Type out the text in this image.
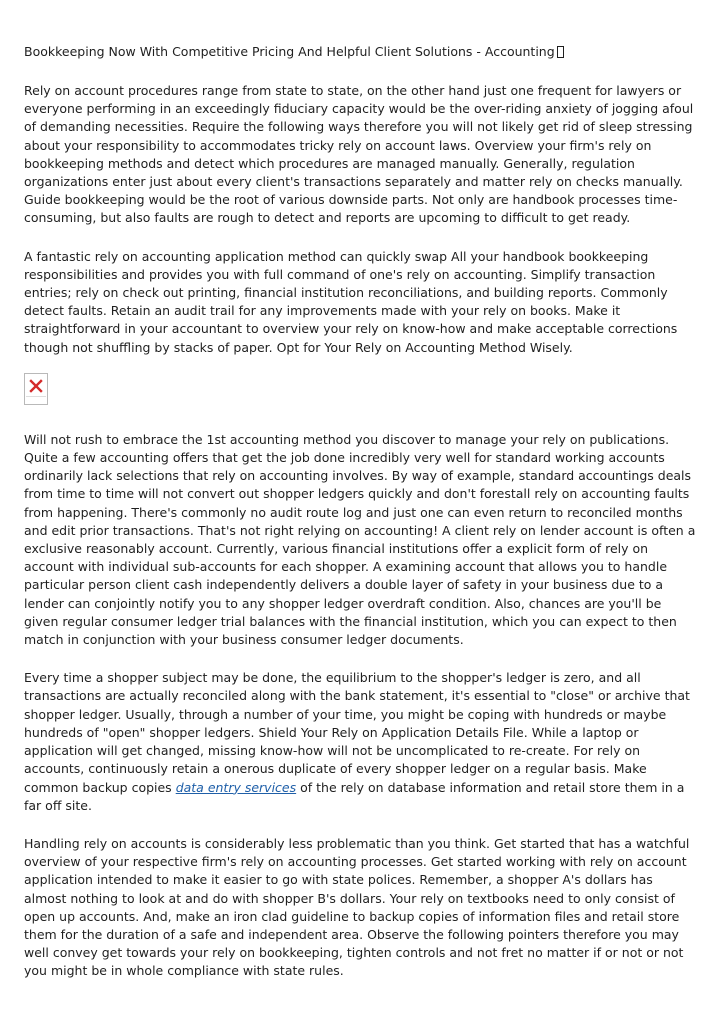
Bookkeeping Now With Competitive Pricing And Helpful Client Solutions - Accounting

Rely on account procedures range from state to state, on the other hand just one frequent for lawyers or everyone performing in an exceedingly fiduciary capacity would be the over-riding anxiety of jogging afoul of demanding necessities. Require the following ways therefore you will not likely get rid of sleep stressing about your responsibility to accommodates tricky rely on account laws. Overview your firm's rely on bookkeeping methods and detect which procedures are managed manually. Generally, regulation organizations enter just about every client's transactions separately and matter rely on checks manually. Guide bookkeeping would be the root of various downside parts. Not only are handbook processes time-consuming, but also faults are rough to detect and reports are upcoming to difficult to get ready.

A fantastic rely on accounting application method can quickly swap All your handbook bookkeeping responsibilities and provides you with full command of one's rely on accounting. Simplify transaction entries; rely on check out printing, financial institution reconciliations, and building reports. Commonly detect faults. Retain an audit trail for any improvements made with your rely on books. Make it straightforward in your accountant to overview your rely on know-how and make acceptable corrections though not shuffling by stacks of paper. Opt for Your Rely on Accounting Method Wisely.

Will not rush to embrace the 1st accounting method you discover to manage your rely on publications. Quite a few accounting offers that get the job done incredibly very well for standard working accounts ordinarily lack selections that rely on accounting involves. By way of example, standard accountings deals from time to time will not convert out shopper ledgers quickly and don't forestall rely on accounting faults from happening. There's commonly no audit route log and just one can even return to reconciled months and edit prior transactions. That's not right relying on accounting! A client rely on lender account is often a exclusive reasonably account. Currently, various financial institutions offer a explicit form of rely on account with individual sub-accounts for each shopper. A examining account that allows you to handle particular person client cash independently delivers a double layer of safety in your business due to a lender can conjointly notify you to any shopper ledger overdraft condition. Also, chances are you'll be given regular consumer ledger trial balances with the financial institution, which you can expect to then match in conjunction with your business consumer ledger documents.

Every time a shopper subject may be done, the equilibrium to the shopper's ledger is zero, and all transactions are actually reconciled along with the bank statement, it's essential to "close" or archive that shopper ledger. Usually, through a number of your time, you might be coping with hundreds or maybe hundreds of "open" shopper ledgers. Shield Your Rely on Application Details File. While a laptop or application will get changed, missing know-how will not be uncomplicated to re-create. For rely on accounts, continuously retain a onerous duplicate of every shopper ledger on a regular basis. Make common backup copies data entry services of the rely on database information and retail store them in a far off site.

Handling rely on accounts is considerably less problematic than you think. Get started that has a watchful overview of your respective firm's rely on accounting processes. Get started working with rely on account application intended to make it easier to go with state polices. Remember, a shopper A's dollars has almost nothing to look at and do with shopper B's dollars. Your rely on textbooks need to only consist of open up accounts. And, make an iron clad guideline to backup copies of information files and retail store them for the duration of a safe and independent area. Observe the following pointers therefore you may well convey get towards your rely on bookkeeping, tighten controls and not fret no matter if or not or not you might be in whole compliance with state rules.
